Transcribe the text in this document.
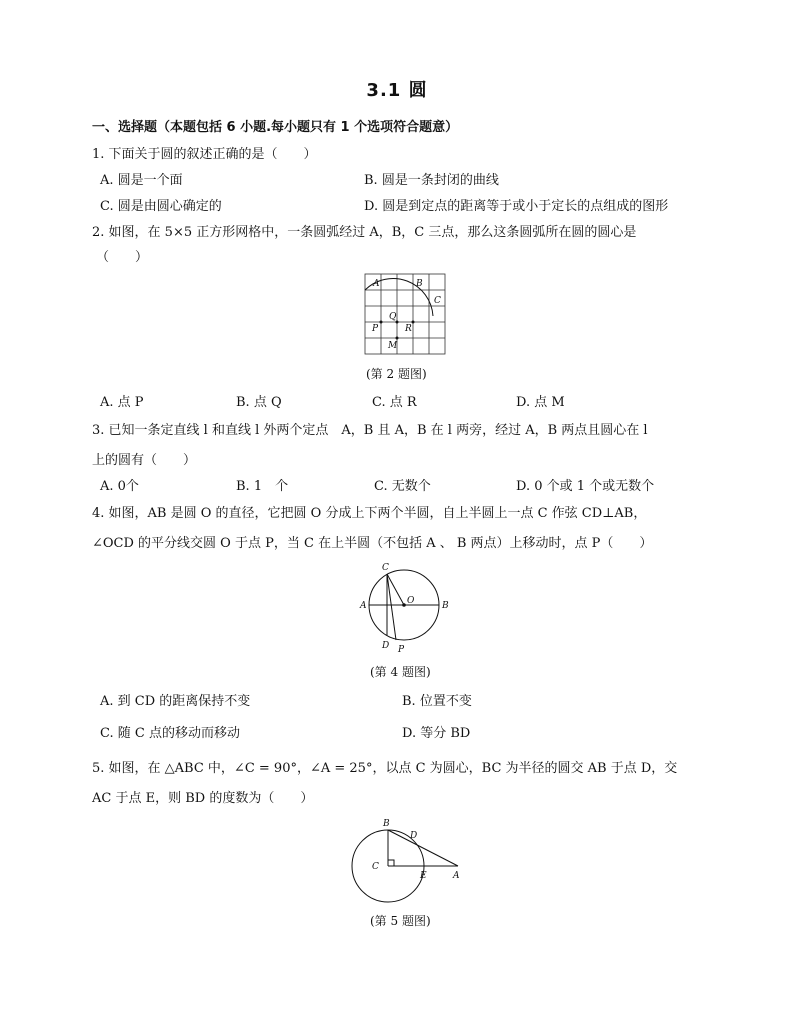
3.1 圆
一、选择题（本题包括 6 小题.每小题只有 1 个选项符合题意）
1. 下面关于圆的叙述正确的是（　　）
A. 圆是一个面	B. 圆是一条封闭的曲线
C. 圆是由圆心确定的	D. 圆是到定点的距离等于或小于定长的点组成的图形
2. 如图，在 5×5 正方形网格中，一条圆弧经过 A，B，C 三点，那么这条圆弧所在圆的圆心是
（　　）
A	B
C
Q
P	R
M
(第 2 题图)
A. 点 P	B. 点 Q	C. 点 R	D. 点 M
3. 已知一条定直线 l 和直线 l 外两个定点　A，B 且 A，B 在 l 两旁，经过 A，B 两点且圆心在 l
上的圆有（　　）
A. 0个	B. 1　个	C. 无数个	D. 0 个或 1 个或无数个
4. 如图，AB 是圆 O 的直径，它把圆 O 分成上下两个半圆，自上半圆上一点 C 作弦 CD⊥AB，
∠OCD 的平分线交圆 O 于点 P，当 C 在上半圆（不包括 A 、 B 两点）上移动时，点 P（　　）
C
A	O	B
D P
(第 4 题图)
A. 到 CD 的距离保持不变	B. 位置不变
C. 随 C 点的移动而移动	D. 等分 BD
5. 如图，在 △ABC 中，∠C = 90°，∠A = 25°，以点 C 为圆心，BC 为半径的圆交 AB 于点 D，交
AC 于点 E，则 BD 的度数为（　　）
B
D
C
E	A
(第 5 题图)
